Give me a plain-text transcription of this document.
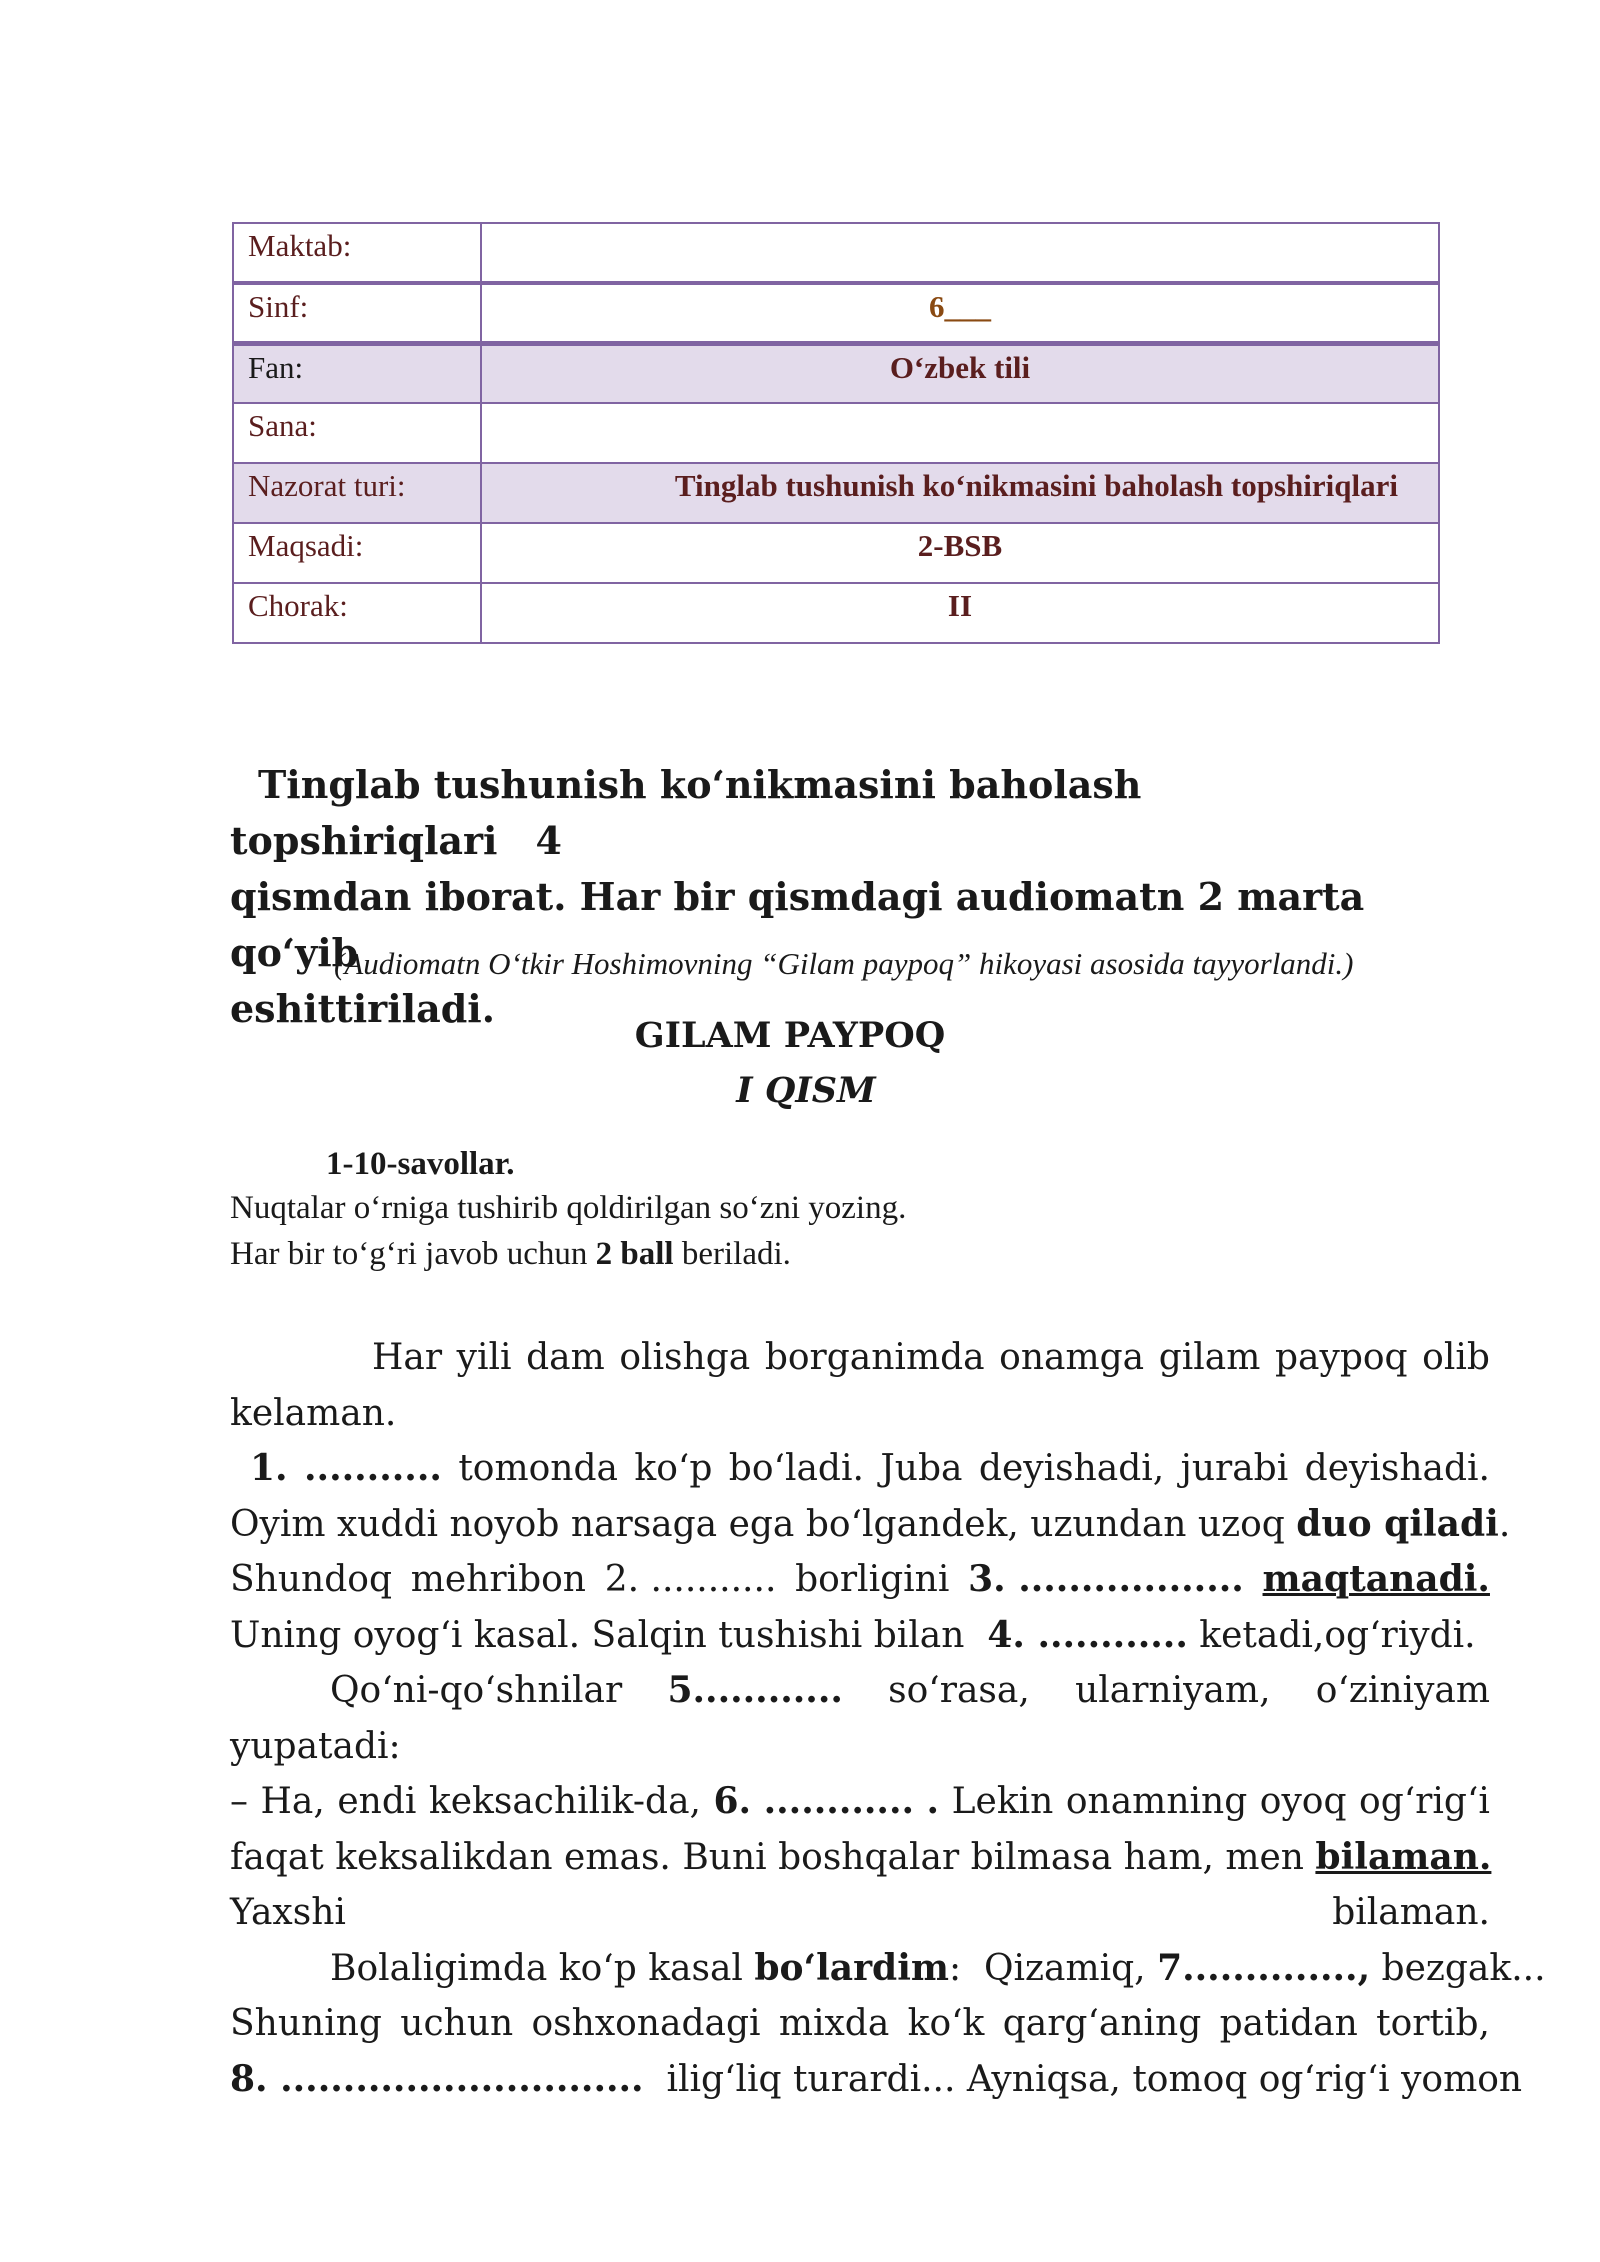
Maktab:	
Sinf:	6___
Fan:	O‘zbek tili
Sana:	
Nazorat turi:	Tinglab tushunish ko‘nikmasini baholash topshiriqlari
Maqsadi:	2-BSB
Chorak:	II
Tinglab tushunish ko‘nikmasini baholash topshiriqlari 4
qismdan iborat. Har bir qismdagi audiomatn 2 marta qo‘yib
eshittiriladi.
(Audiomatn O‘tkir Hoshimovning “Gilam paypoq” hikoyasi asosida tayyorlandi.)
GILAM PAYPOQ
I QISM
1-10-savollar.
Nuqtalar o‘rniga tushirib qoldirilgan so‘zni yozing.
Har bir to‘g‘ri javob uchun 2 ball beriladi.
Har yili dam olishga borganimda onamga gilam paypoq olib
kelaman.
1. ........... tomonda ko‘p bo‘ladi. Juba deyishadi, jurabi deyishadi.
Oyim xuddi noyob narsaga ega bo‘lgandek, uzundan uzoq duo qiladi .
Shundoq mehribon 2. ........... borligini 3. .................. maqtanadi.
Uning oyog‘i kasal. Salqin tushishi bilan 4. ............ ketadi,og‘riydi.
Qo‘ni-qo‘shnilar 5............ so‘rasa, ularniyam, o‘ziniyam
yupatadi:
– Ha, endi keksachilik-da, 6. ............ . Lekin onamning oyoq og‘rig‘i
faqat keksalikdan emas. Buni boshqalar bilmasa ham, men bilaman.
Yaxshi	bilaman.
Bolaligimda ko‘p kasal bo‘lardim :  Qizamiq, 7.............., bezgak...
Shuning uchun oshxonadagi mixda ko‘k qarg‘aning patidan tortib,
8. ............................. ilig‘liq turardi... Ayniqsa, tomoq og‘rig‘i yomon
